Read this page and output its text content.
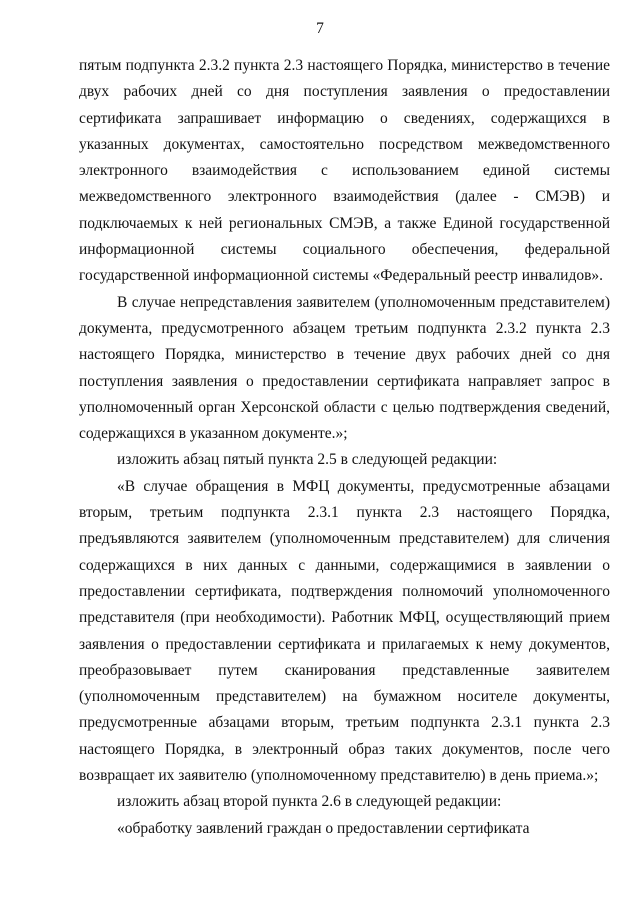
7

пятым подпункта 2.3.2 пункта 2.3 настоящего Порядка, министерство в течение двух рабочих дней со дня поступления заявления о предоставлении сертификата запрашивает информацию о сведениях, содержащихся в указанных документах, самостоятельно посредством межведомственного электронного взаимодействия с использованием единой системы межведомственного электронного взаимодействия (далее - СМЭВ) и подключаемых к ней региональных СМЭВ, а также Единой государственной информационной системы социального обеспечения, федеральной государственной информационной системы «Федеральный реестр инвалидов».

В случае непредставления заявителем (уполномоченным представителем) документа, предусмотренного абзацем третьим подпункта 2.3.2 пункта 2.3 настоящего Порядка, министерство в течение двух рабочих дней со дня поступления заявления о предоставлении сертификата направляет запрос в уполномоченный орган Херсонской области с целью подтверждения сведений, содержащихся в указанном документе.»;

изложить абзац пятый пункта 2.5 в следующей редакции:

«В случае обращения в МФЦ документы, предусмотренные абзацами вторым, третьим подпункта 2.3.1 пункта 2.3 настоящего Порядка, предъявляются заявителем (уполномоченным представителем) для сличения содержащихся в них данных с данными, содержащимися в заявлении о предоставлении сертификата, подтверждения полномочий уполномоченного представителя (при необходимости). Работник МФЦ, осуществляющий прием заявления о предоставлении сертификата и прилагаемых к нему документов, преобразовывает путем сканирования представленные заявителем (уполномоченным представителем) на бумажном носителе документы, предусмотренные абзацами вторым, третьим подпункта 2.3.1 пункта 2.3 настоящего Порядка, в электронный образ таких документов, после чего возвращает их заявителю (уполномоченному представителю) в день приема.»;

изложить абзац второй пункта 2.6 в следующей редакции:

«обработку заявлений граждан о предоставлении сертификата
